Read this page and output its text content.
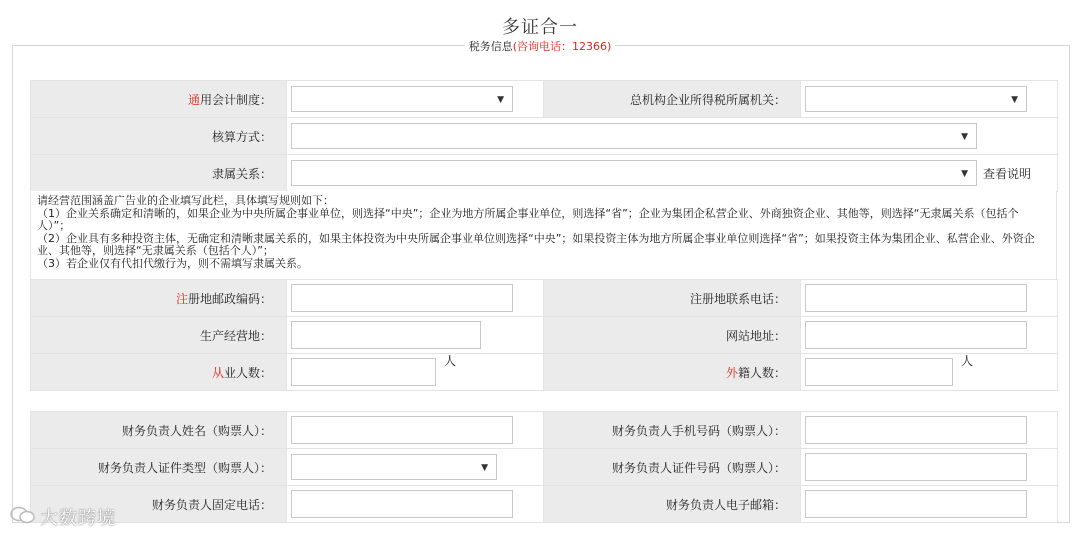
多证合一
税务信息(咨询电话：12366)
通用会计制度：	▼	总机构企业所得税所属机关：	▼

核算方式：	▼		

隶属关系：	▼ 查看说明		
请经营范围涵盖广告业的企业填写此栏，具体填写规则如下：
（1）企业关系确定和清晰的，如果企业为中央所属企事业单位，则选择“中央”；企业为地方所属企事业单位，则选择“省”；企业为集团企私营企业、外商独资企业、其他等，则选择“无隶属关系（包括个人）”；
（2）企业具有多种投资主体，无确定和清晰隶属关系的，如果主体投资为中央所属企事业单位则选择“中央”；如果投资主体为地方所属企事业单位则选择“省”；如果投资主体为集团企业、私营企业、外资企业、其他等，则选择“无隶属关系（包括个人）”；
（3）若企业仅有代扣代缴行为，则不需填写隶属关系。
注册地邮政编码：		注册地联系电话：	
生产经营地：		网站地址：	
从业人数：	人	外籍人数：	人
财务负责人姓名（购票人）：		财务负责人手机号码（购票人）：	
财务负责人证件类型（购票人）：	▼	财务负责人证件号码（购票人）：	
财务负责人固定电话：		财务负责人电子邮箱：	
大数跨境
